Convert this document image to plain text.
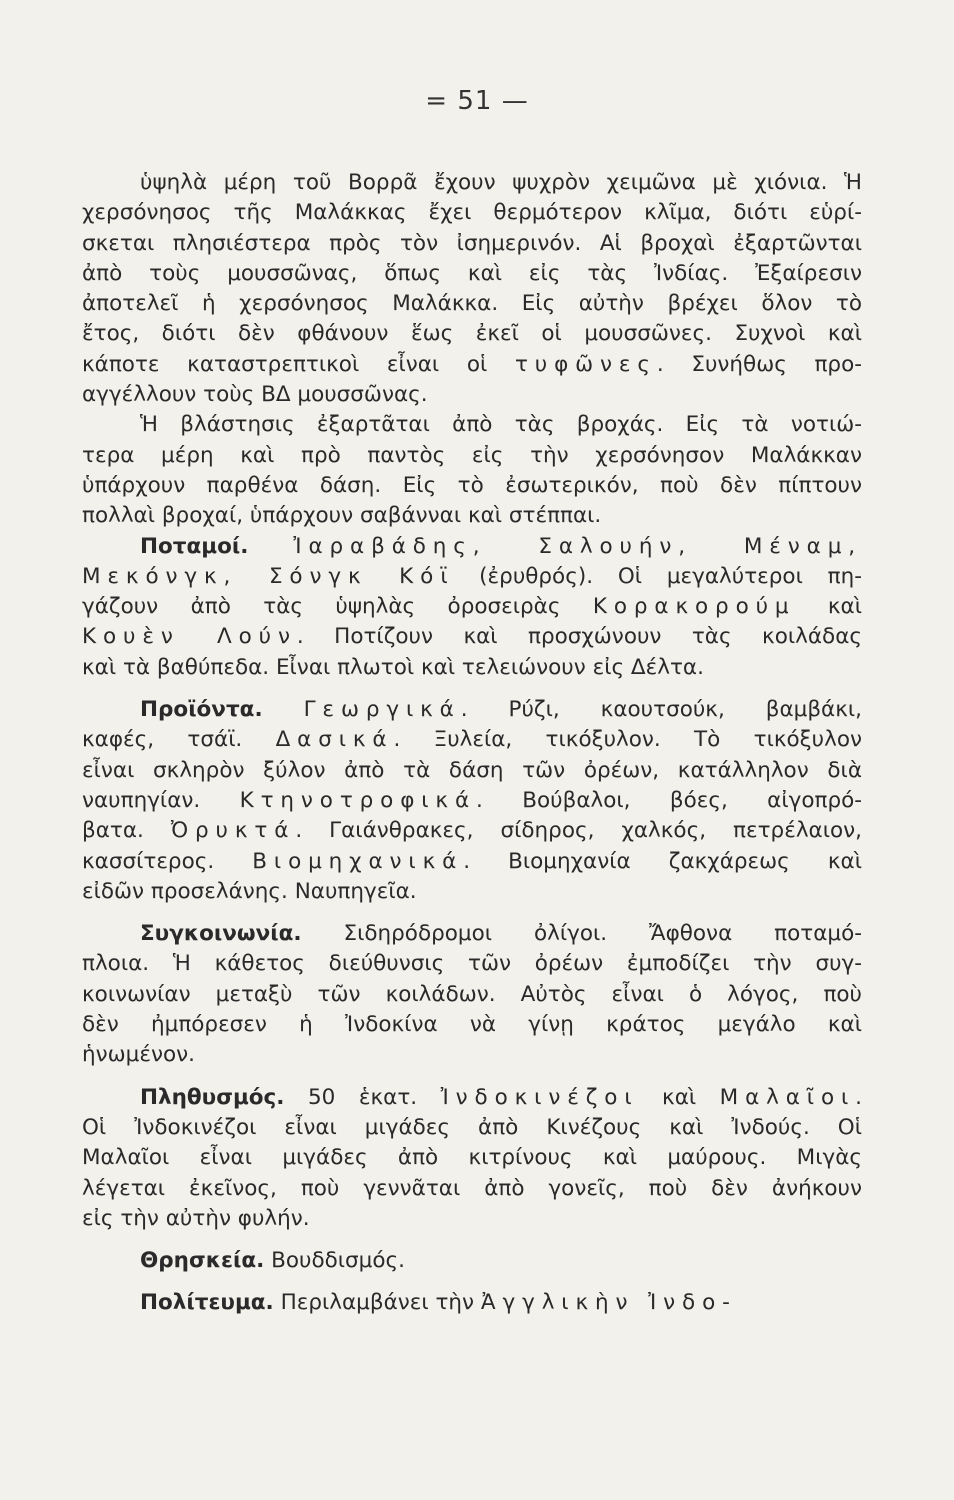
= 51 —
ὑψηλὰ μέρη τοῦ Βορρᾶ ἔχουν ψυχρὸν χειμῶνα μὲ χιόνια. Ἡ
χερσόνησος τῆς Μαλάκκας ἔχει θερμότερον κλῖμα, διότι εὑρί-
σκεται πλησιέστερα πρὸς τὸν ἰσημερινόν. Αἱ βροχαὶ ἐξαρτῶνται
ἀπὸ τοὺς μουσσῶνας, ὅπως καὶ εἰς τὰς Ἰνδίας. Ἐξαίρεσιν
ἀποτελεῖ ἡ χερσόνησος Μαλάκκα. Εἰς αὐτὴν βρέχει ὅλον τὸ
ἔτος, διότι δὲν φθάνουν ἕως ἐκεῖ οἱ μουσσῶνες. Συχνοὶ καὶ
κάποτε καταστρεπτικοὶ εἶναι οἱ τυφῶνες. Συνήθως προ-
αγγέλλουν τοὺς ΒΔ μουσσῶνας.
Ἡ βλάστησις ἐξαρτᾶται ἀπὸ τὰς βροχάς. Εἰς τὰ νοτιώ-
τερα μέρη καὶ πρὸ παντὸς εἰς τὴν χερσόνησον Μαλάκκαν
ὑπάρχουν παρθένα δάση. Εἰς τὸ ἐσωτερικόν, ποὺ δὲν πίπτουν
πολλαὶ βροχαί, ὑπάρχουν σαβάνναι καὶ στέππαι.
Ποταμοί. Ἰαραβάδης, Σαλουήν, Μέναμ,
Μεκόνγκ, Σόνγκ Κόϊ (ἐρυθρός). Οἱ μεγαλύτεροι πη-
γάζουν ἀπὸ τὰς ὑψηλὰς ὀροσειρὰς Κορακορούμ καὶ
Κουὲν Λούν. Ποτίζουν καὶ προσχώνουν τὰς κοιλάδας
καὶ τὰ βαθύπεδα. Εἶναι πλωτοὶ καὶ τελειώνουν εἰς Δέλτα.
Προϊόντα. Γεωργικά. Ρύζι, καουτσούκ, βαμβάκι,
καφές, τσάϊ. Δασικά. Ξυλεία, τικόξυλον. Τὸ τικόξυλον
εἶναι σκληρὸν ξύλον ἀπὸ τὰ δάση τῶν ὀρέων, κατάλληλον διὰ
ναυπηγίαν. Κτηνοτροφικά. Βούβαλοι, βόες, αἰγοπρό-
βατα. Ὀρυκτά. Γαιάνθρακες, σίδηρος, χαλκός, πετρέλαιον,
κασσίτερος. Βιομηχανικά. Βιομηχανία ζακχάρεως καὶ
εἰδῶν προσελάνης. Ναυπηγεῖα.
Συγκοινωνία. Σιδηρόδρομοι ὀλίγοι. Ἄφθονα ποταμό-
πλοια. Ἡ κάθετος διεύθυνσις τῶν ὀρέων ἐμποδίζει τὴν συγ-
κοινωνίαν μεταξὺ τῶν κοιλάδων. Αὐτὸς εἶναι ὁ λόγος, ποὺ
δὲν ἠμπόρεσεν ἡ Ἰνδοκίνα νὰ γίνῃ κράτος μεγάλο καὶ
ἡνωμένον.
Πληθυσμός. 50 ἑκατ. Ἰνδοκινέζοι καὶ Μαλαῖοι.
Οἱ Ἰνδοκινέζοι εἶναι μιγάδες ἀπὸ Κινέζους καὶ Ἰνδούς. Οἱ
Μαλαῖοι εἶναι μιγάδες ἀπὸ κιτρίνους καὶ μαύρους. Μιγὰς
λέγεται ἐκεῖνος, ποὺ γεννᾶται ἀπὸ γονεῖς, ποὺ δὲν ἀνήκουν
εἰς τὴν αὐτὴν φυλήν.
Θρησκεία. Βουδδισμός.
Πολίτευμα. Περιλαμβάνει τὴν Ἀγγλικὴν Ἰνδο-
